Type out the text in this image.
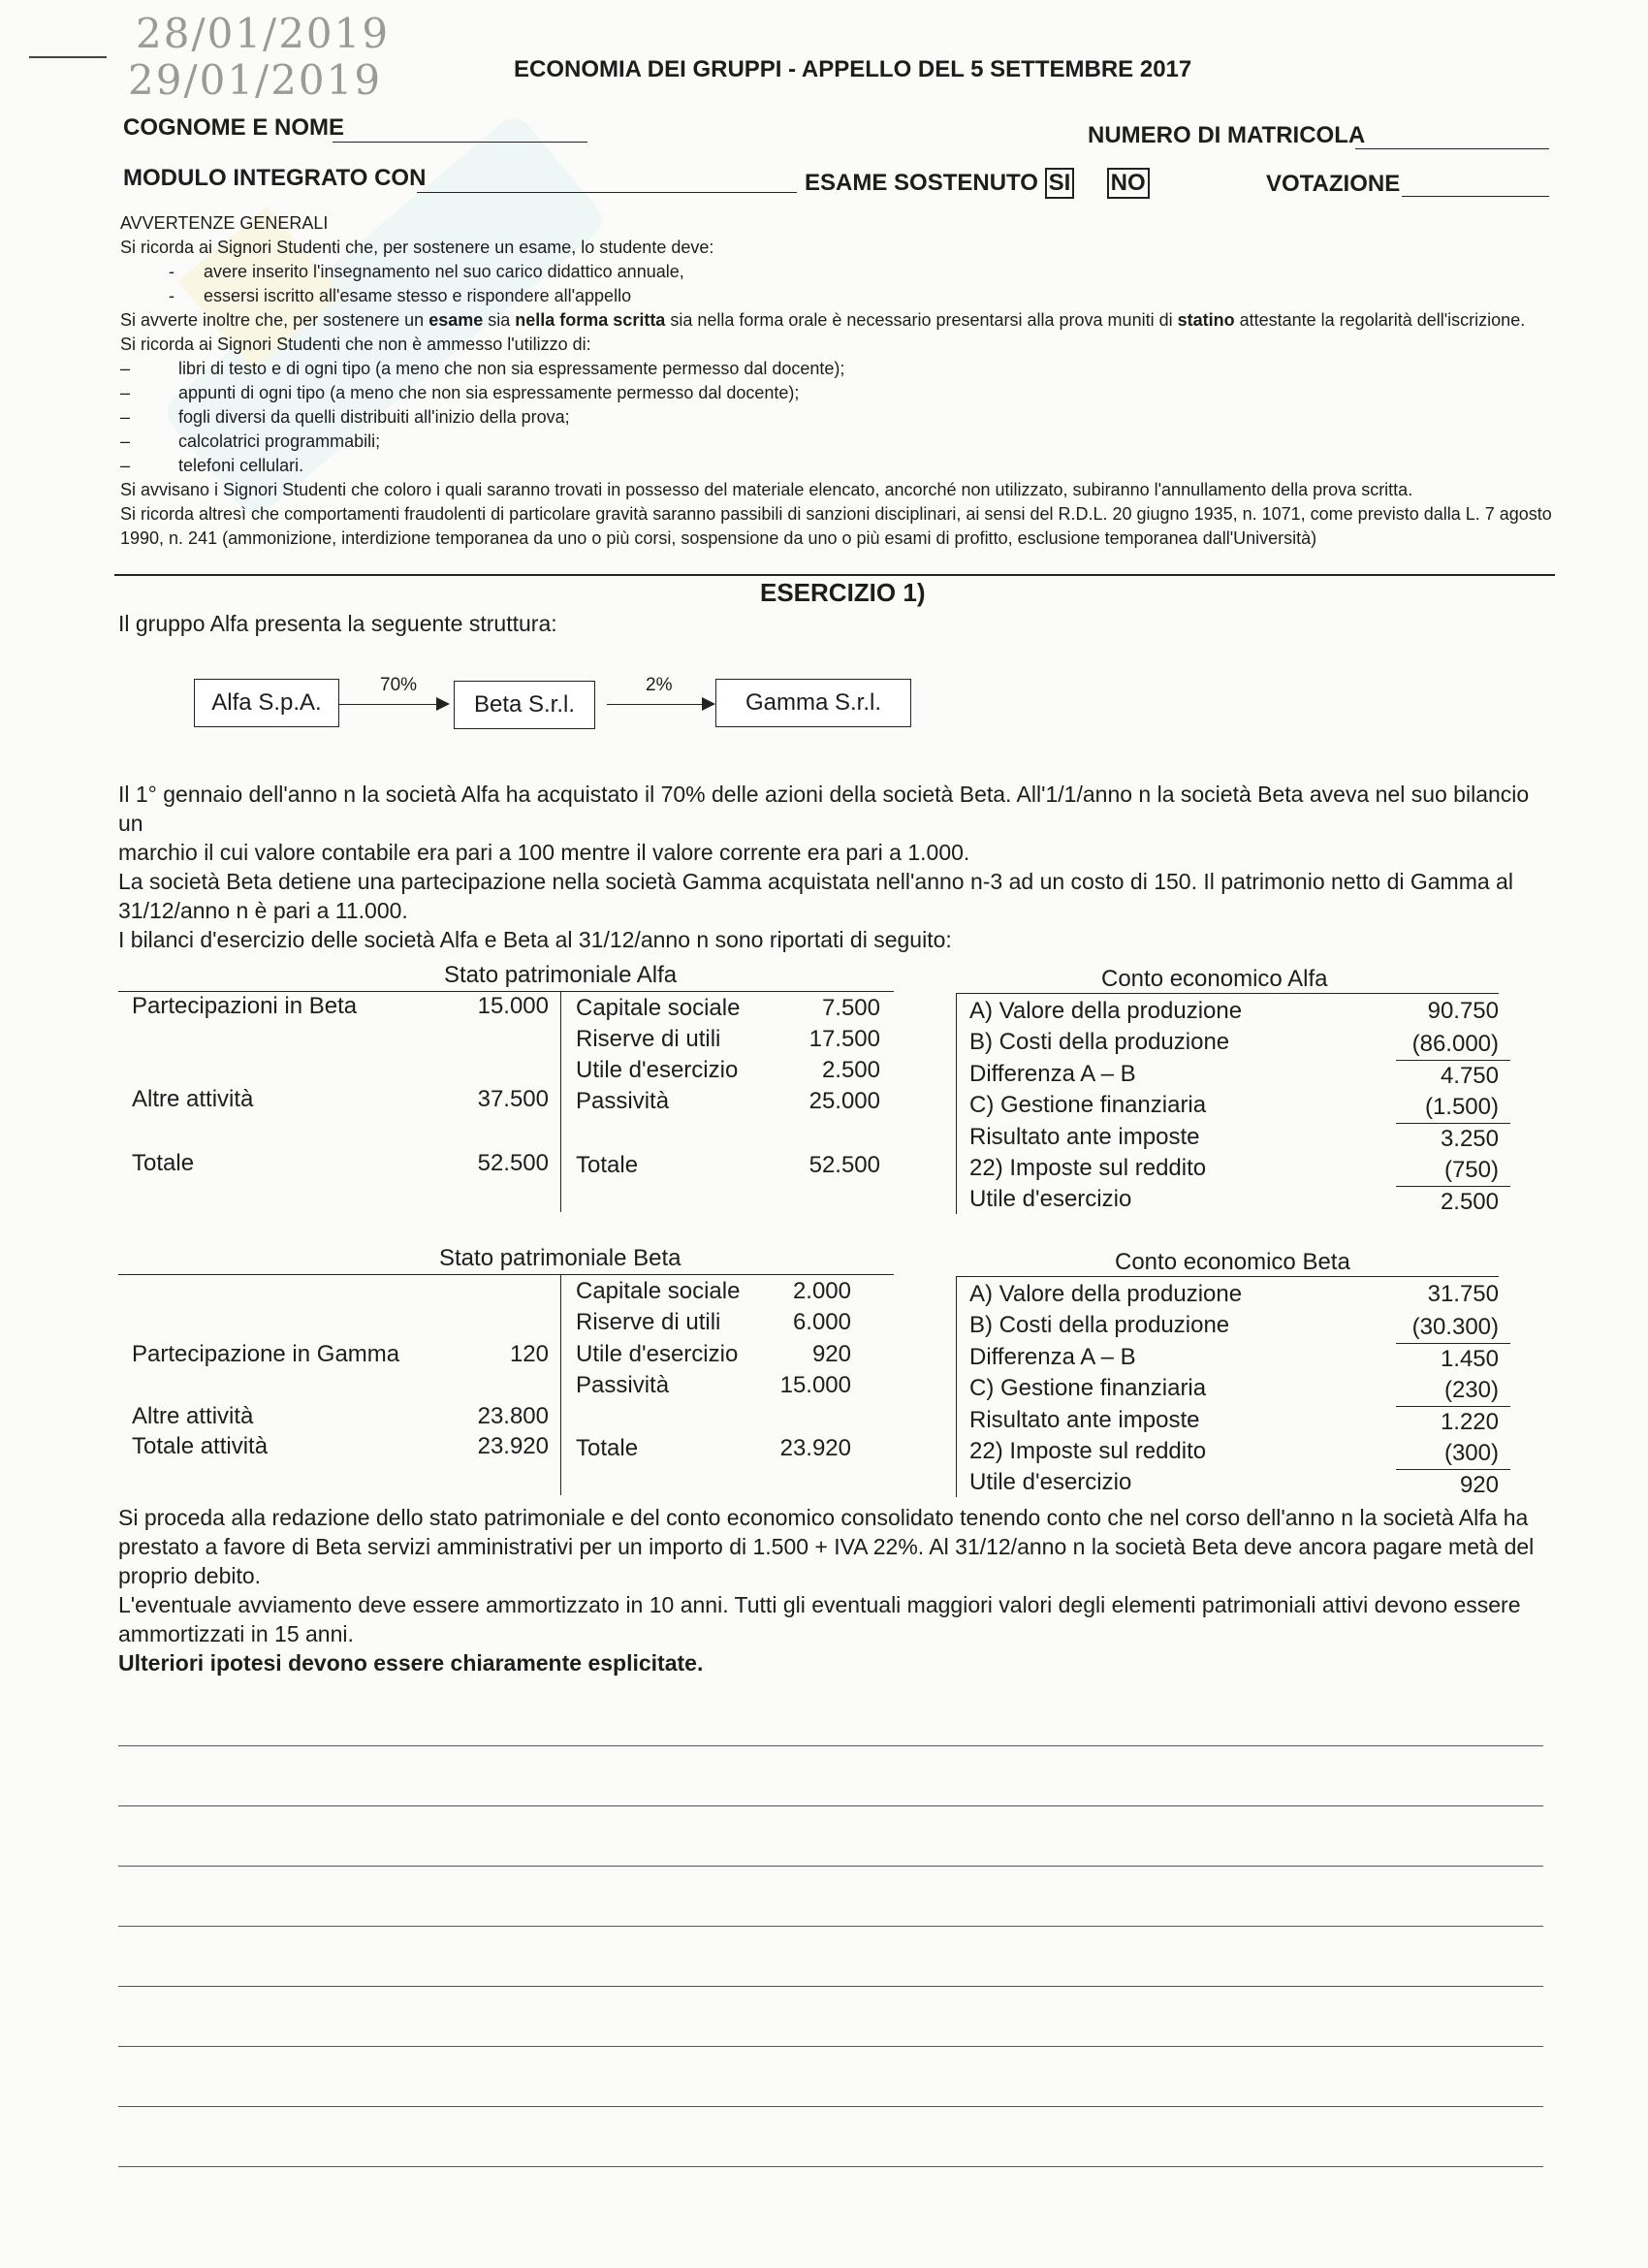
28/01/2019
29/01/2019	ECONOMIA DEI GRUPPI - APPELLO DEL 5 SETTEMBRE 2017
COGNOME E NOME	NUMERO DI MATRICOLA
MODULO INTEGRATO CON	ESAME SOSTENUTO SI NO	VOTAZIONE
AVVERTENZE GENERALI
Si ricorda ai Signori Studenti che, per sostenere un esame, lo studente deve:
-      avere inserito l'insegnamento nel suo carico didattico annuale,
-      essersi iscritto all'esame stesso e rispondere all'appello
Si avverte inoltre che, per sostenere un esame sia nella forma scritta sia nella forma orale è necessario presentarsi alla prova muniti di statino attestante la regolarità dell'iscrizione.
Si ricorda ai Signori Studenti che non è ammesso l'utilizzo di:
–          libri di testo e di ogni tipo (a meno che non sia espressamente permesso dal docente);
–          appunti di ogni tipo (a meno che non sia espressamente permesso dal docente);
–          fogli diversi da quelli distribuiti all'inizio della prova;
–          calcolatrici programmabili;
–          telefoni cellulari.
Si avvisano i Signori Studenti che coloro i quali saranno trovati in possesso del materiale elencato, ancorché non utilizzato, subiranno l'annullamento della prova scritta.
Si ricorda altresì che comportamenti fraudolenti di particolare gravità saranno passibili di sanzioni disciplinari, ai sensi del R.D.L. 20 giugno 1935, n. 1071, come previsto dalla L. 7 agosto
1990, n. 241 (ammonizione, interdizione temporanea da uno o più corsi, sospensione da uno o più esami di profitto, esclusione temporanea dall'Università)
ESERCIZIO 1)
Il gruppo Alfa presenta la seguente struttura:
Alfa S.p.A.
70%
Beta S.r.l.
2%
Gamma S.r.l.
Il 1° gennaio dell'anno n la società Alfa ha acquistato il 70% delle azioni della società Beta. All'1/1/anno n la società Beta aveva nel suo bilancio un
marchio il cui valore contabile era pari a 100 mentre il valore corrente era pari a 1.000.
La società Beta detiene una partecipazione nella società Gamma acquistata nell'anno n-3 ad un costo di 150. Il patrimonio netto di Gamma al
31/12/anno n è pari a 11.000.
I bilanci d'esercizio delle società Alfa e Beta al 31/12/anno n sono riportati di seguito:
Stato patrimoniale Alfa
Partecipazioni in Beta	15.000
Altre attività	37.500
Totale	52.500
Capitale sociale	7.500
Riserve di utili	17.500
Utile d'esercizio	2.500
Passività	25.000
Totale	52.500
Conto economico Alfa
A) Valore della produzione	90.750
B) Costi della produzione	(86.000)
Differenza A – B	4.750
C) Gestione finanziaria	(1.500)
Risultato ante imposte	3.250
22) Imposte sul reddito	(750)
Utile d'esercizio	2.500
Stato patrimoniale Beta
Partecipazione in Gamma	120
Altre attività	23.800
Totale attività	23.920
Capitale sociale	2.000
Riserve di utili	6.000
Utile d'esercizio	920
Passività	15.000
Totale	23.920
Conto economico Beta
A) Valore della produzione	31.750
B) Costi della produzione	(30.300)
Differenza A – B	1.450
C) Gestione finanziaria	(230)
Risultato ante imposte	1.220
22) Imposte sul reddito	(300)
Utile d'esercizio	920
Si proceda alla redazione dello stato patrimoniale e del conto economico consolidato tenendo conto che nel corso dell'anno n la società Alfa ha
prestato a favore di Beta servizi amministrativi per un importo di 1.500 + IVA 22%. Al 31/12/anno n la società Beta deve ancora pagare metà del
proprio debito.
L'eventuale avviamento deve essere ammortizzato in 10 anni. Tutti gli eventuali maggiori valori degli elementi patrimoniali attivi devono essere
ammortizzati in 15 anni.
Ulteriori ipotesi devono essere chiaramente esplicitate.
